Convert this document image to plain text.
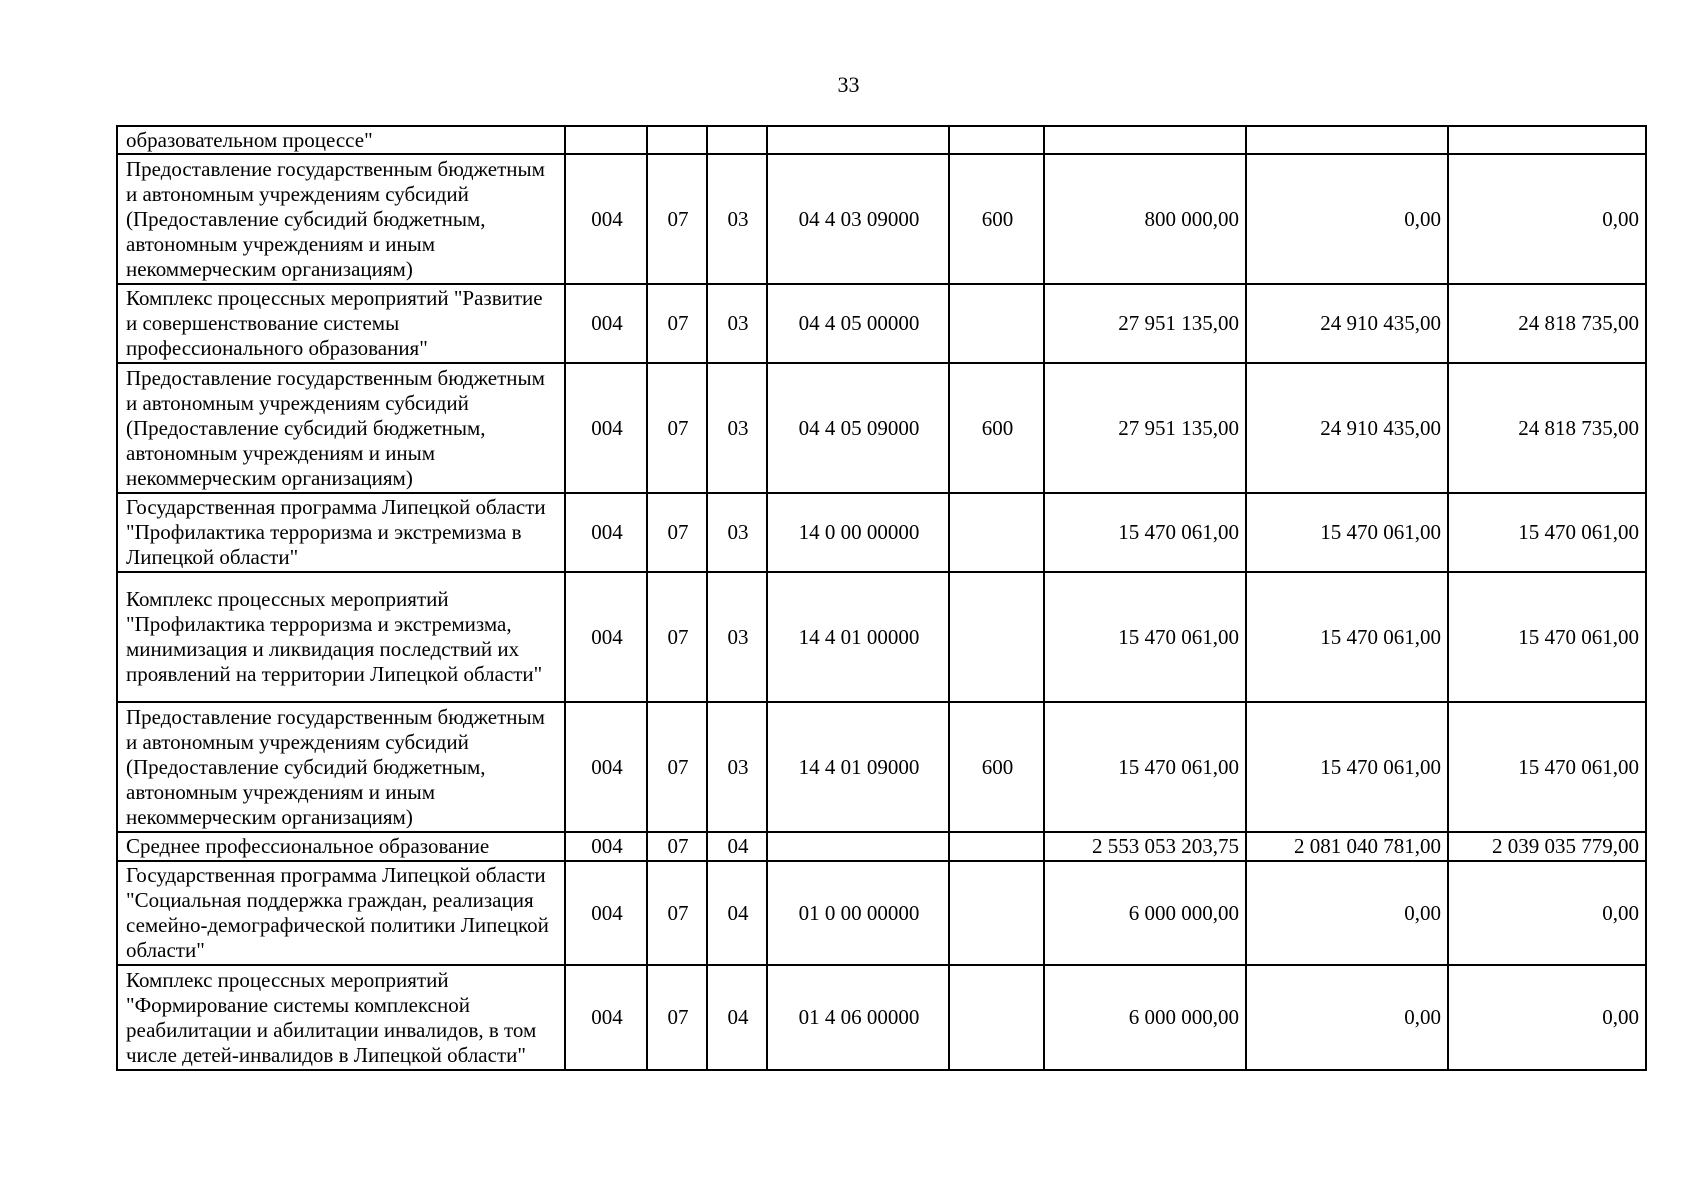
33
образовательном процессе"								
Предоставление государственным бюджетным и автономным учреждениям субсидий (Предоставление субсидий бюджетным, автономным учреждениям и иным некоммерческим организациям)	004	07	03	04 4 03 09000	600	800 000,00	0,00	0,00
Комплекс процессных мероприятий "Развитие и совершенствование системы профессионального образования"	004	07	03	04 4 05 00000		27 951 135,00	24 910 435,00	24 818 735,00
Предоставление государственным бюджетным и автономным учреждениям субсидий (Предоставление субсидий бюджетным, автономным учреждениям и иным некоммерческим организациям)	004	07	03	04 4 05 09000	600	27 951 135,00	24 910 435,00	24 818 735,00
Государственная программа Липецкой области "Профилактика терроризма и экстремизма в Липецкой области"	004	07	03	14 0 00 00000		15 470 061,00	15 470 061,00	15 470 061,00
Комплекс процессных мероприятий "Профилактика терроризма и экстремизма, минимизация и ликвидация последствий их проявлений на территории Липецкой области"	004	07	03	14 4 01 00000		15 470 061,00	15 470 061,00	15 470 061,00
Предоставление государственным бюджетным и автономным учреждениям субсидий (Предоставление субсидий бюджетным, автономным учреждениям и иным некоммерческим организациям)	004	07	03	14 4 01 09000	600	15 470 061,00	15 470 061,00	15 470 061,00
Среднее профессиональное образование	004	07	04			2 553 053 203,75	2 081 040 781,00	2 039 035 779,00
Государственная программа Липецкой области "Социальная поддержка граждан, реализация семейно-демографической политики Липецкой области"	004	07	04	01 0 00 00000		6 000 000,00	0,00	0,00
Комплекс процессных мероприятий "Формирование системы комплексной реабилитации и абилитации инвалидов, в том числе детей-инвалидов в Липецкой области"	004	07	04	01 4 06 00000		6 000 000,00	0,00	0,00
